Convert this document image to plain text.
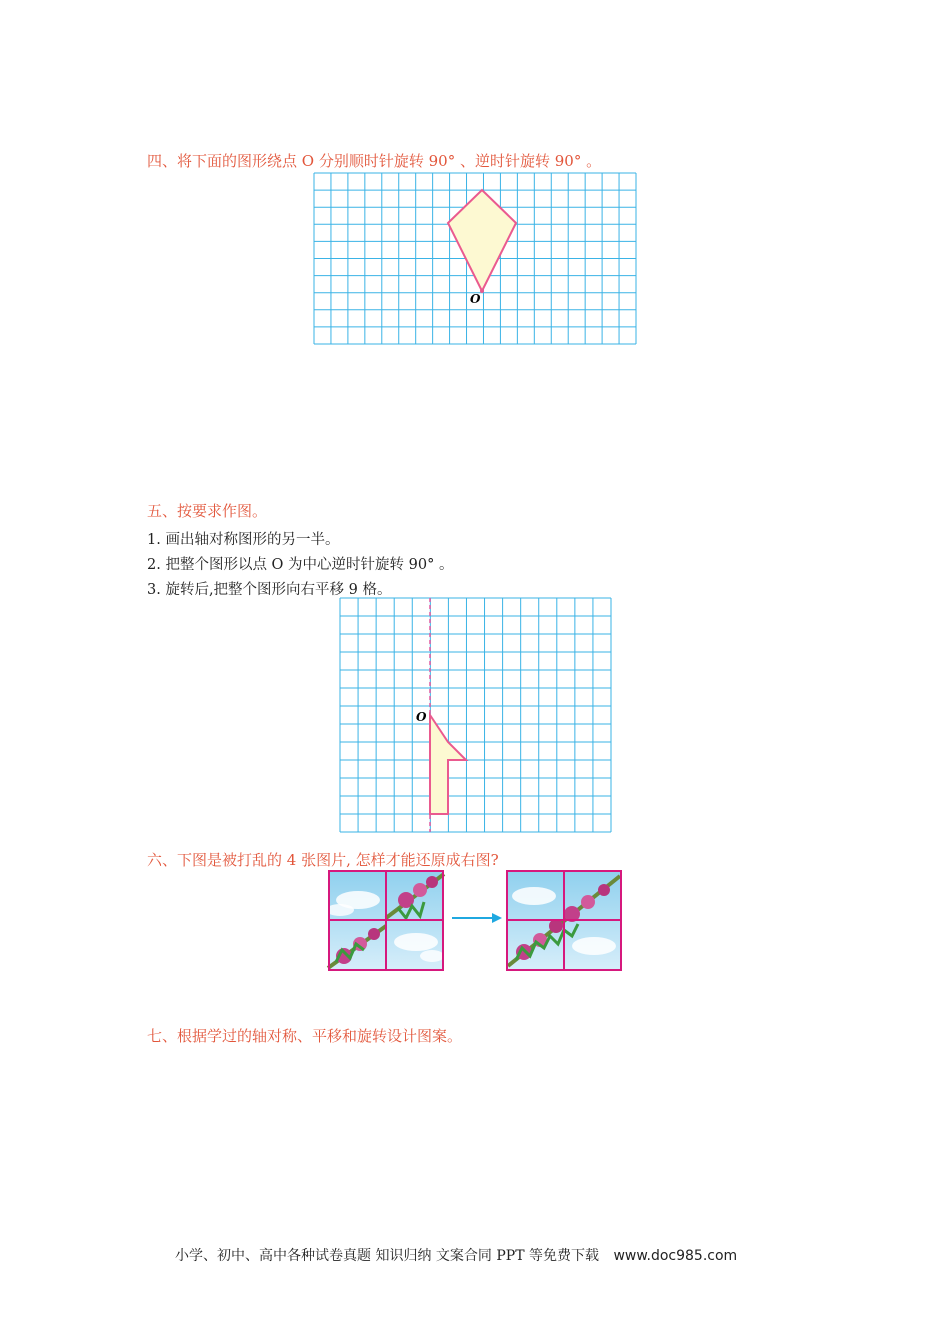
四、将下面的图形绕点 O 分别顺时针旋转 90° 、逆时针旋转 90° 。
O
五、按要求作图。
1. 画出轴对称图形的另一半。
2. 把整个图形以点 O 为中心逆时针旋转 90° 。
3. 旋转后,把整个图形向右平移 9 格。
O
六、下图是被打乱的 4 张图片, 怎样才能还原成右图?
七、根据学过的轴对称、平移和旋转设计图案。
小学、初中、高中各种试卷真题 知识归纳 文案合同 PPT 等免费下载 www.doc985.com
